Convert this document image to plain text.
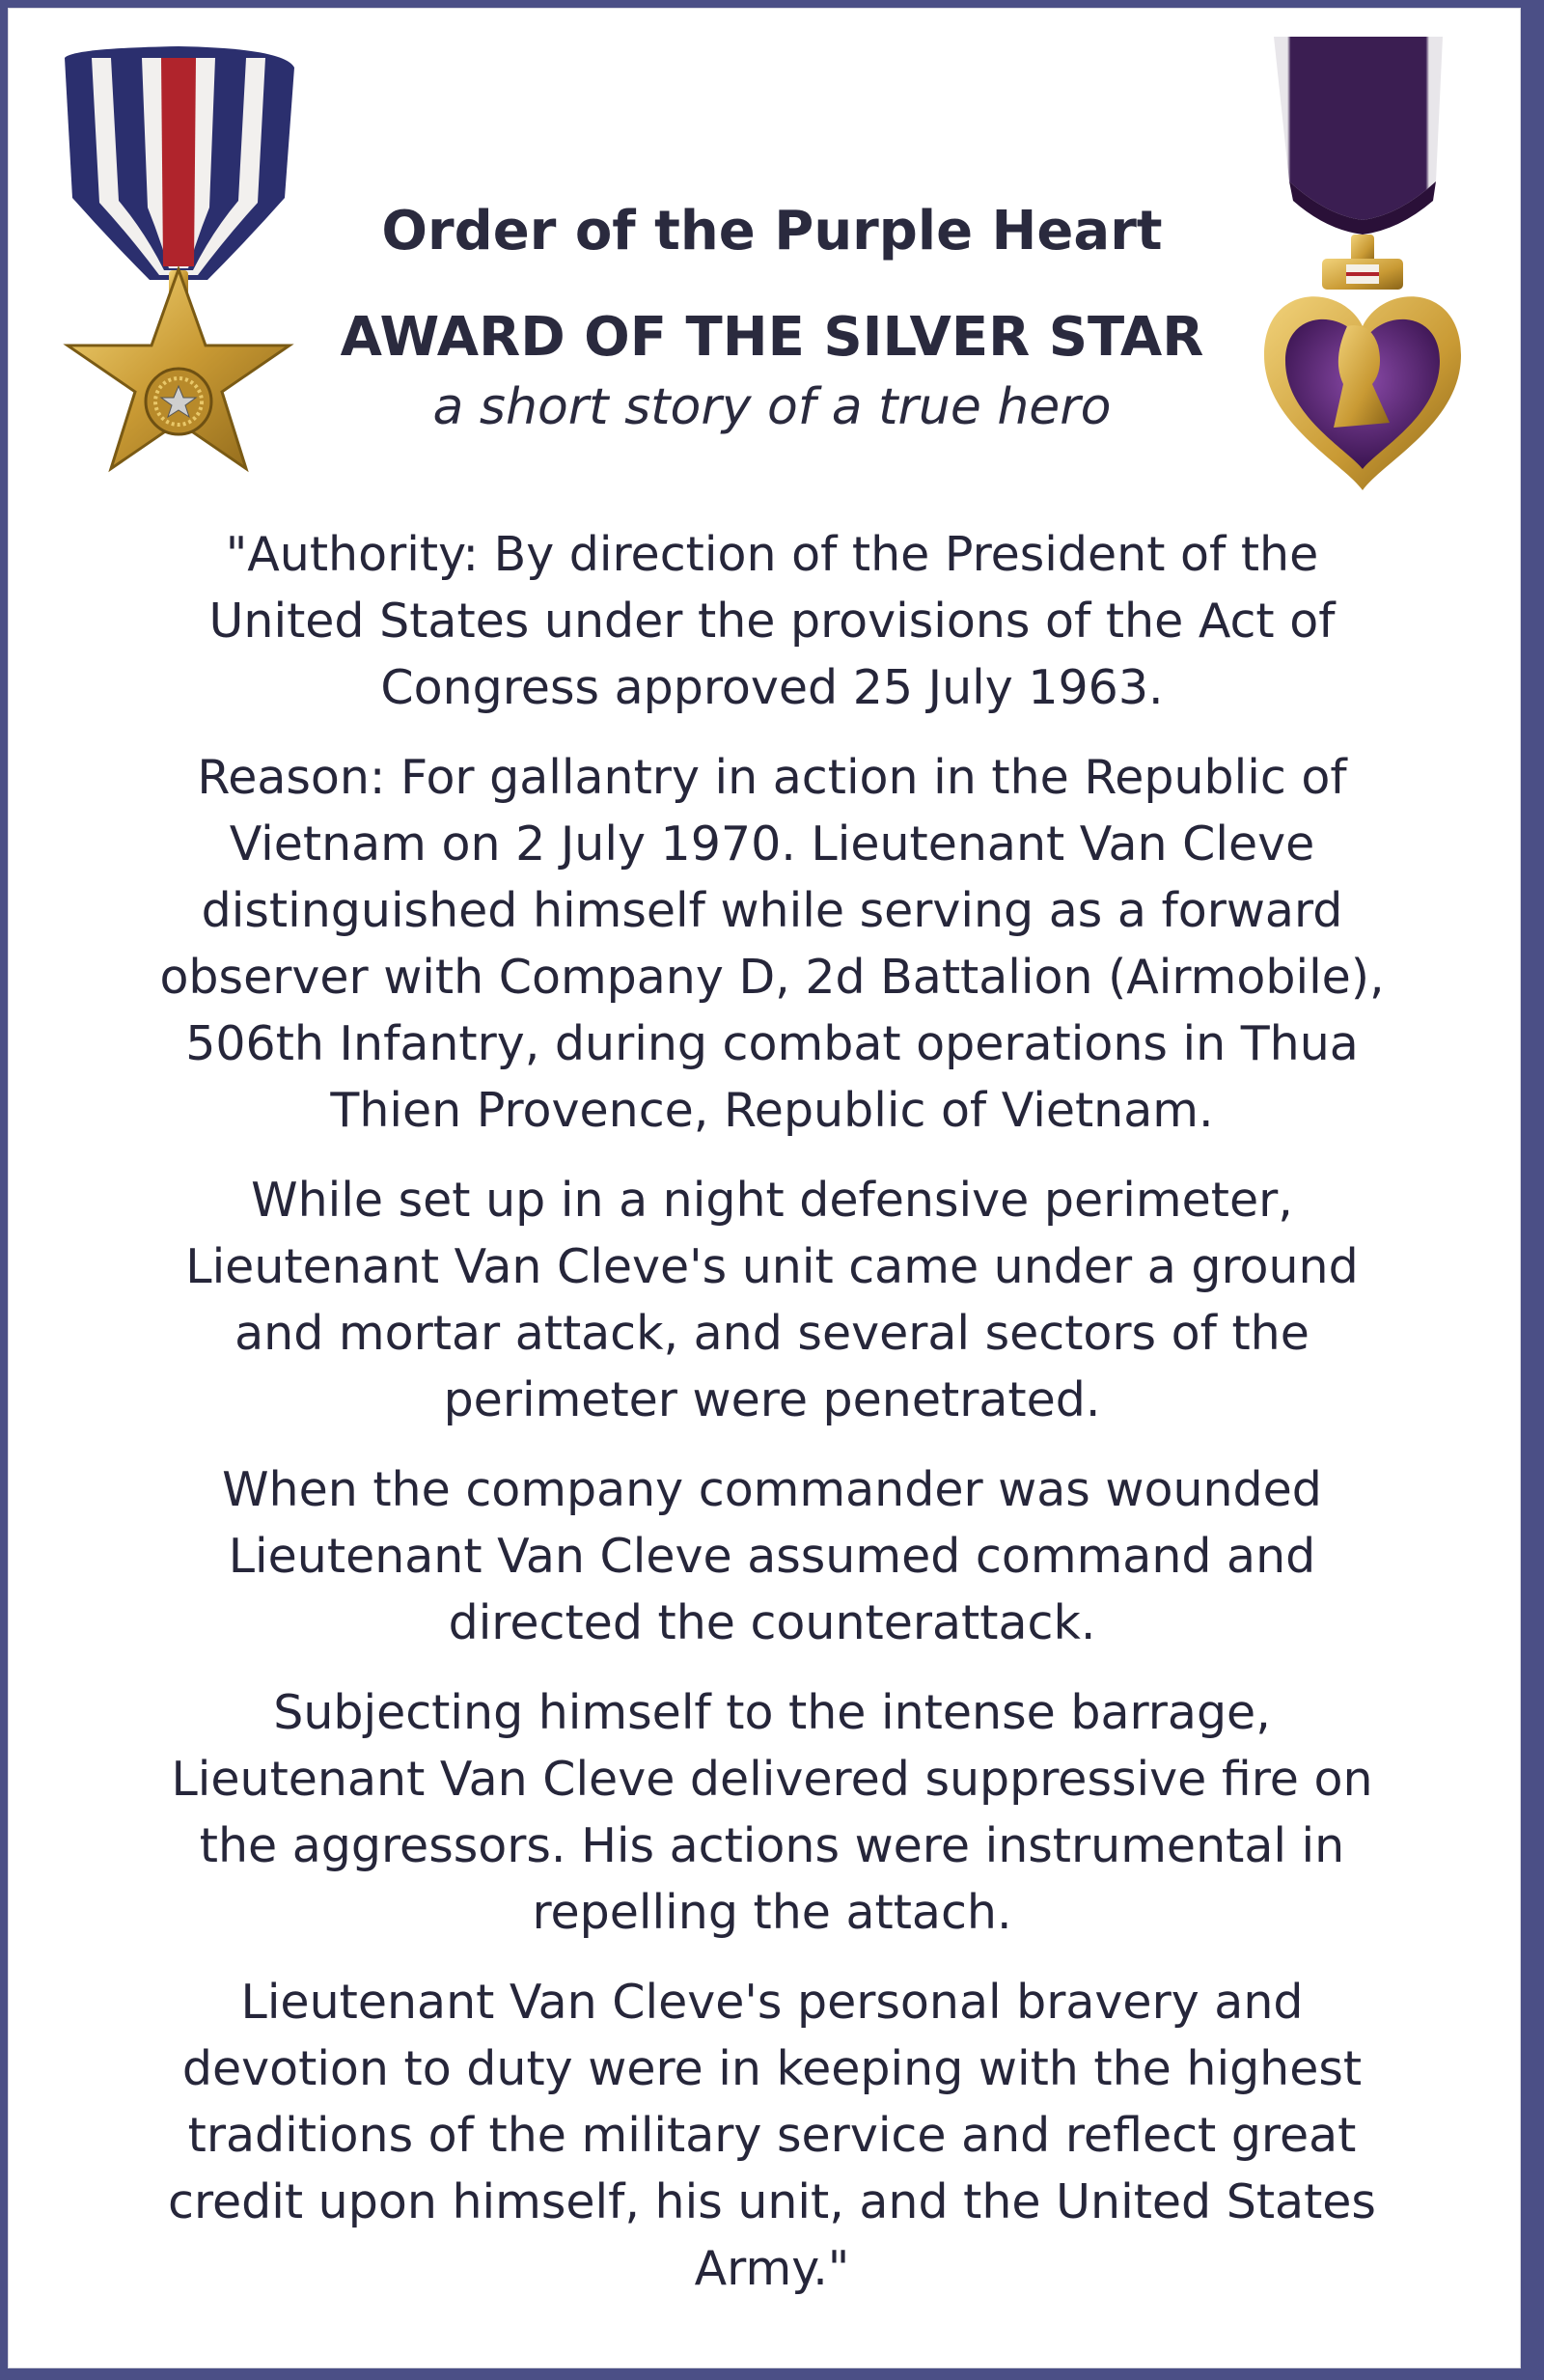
Order of the Purple Heart
AWARD OF THE SILVER STAR
a short story of a true hero

"Authority: By direction of the President of the United States under the provisions of the Act of Congress approved 25 July 1963.

Reason: For gallantry in action in the Republic of Vietnam on 2 July 1970. Lieutenant Van Cleve distinguished himself while serving as a forward observer with Company D, 2d Battalion (Airmobile), 506th Infantry, during combat operations in Thua Thien Provence, Republic of Vietnam.

While set up in a night defensive perimeter, Lieutenant Van Cleve's unit came under a ground and mortar attack, and several sectors of the perimeter were penetrated.

When the company commander was wounded Lieutenant Van Cleve assumed command and directed the counterattack.

Subjecting himself to the intense barrage, Lieutenant Van Cleve delivered suppressive fire on the aggressors. His actions were instrumental in repelling the attach.

Lieutenant Van Cleve's personal bravery and devotion to duty were in keeping with the highest traditions of the military service and reflect great credit upon himself, his unit, and the United States Army."
